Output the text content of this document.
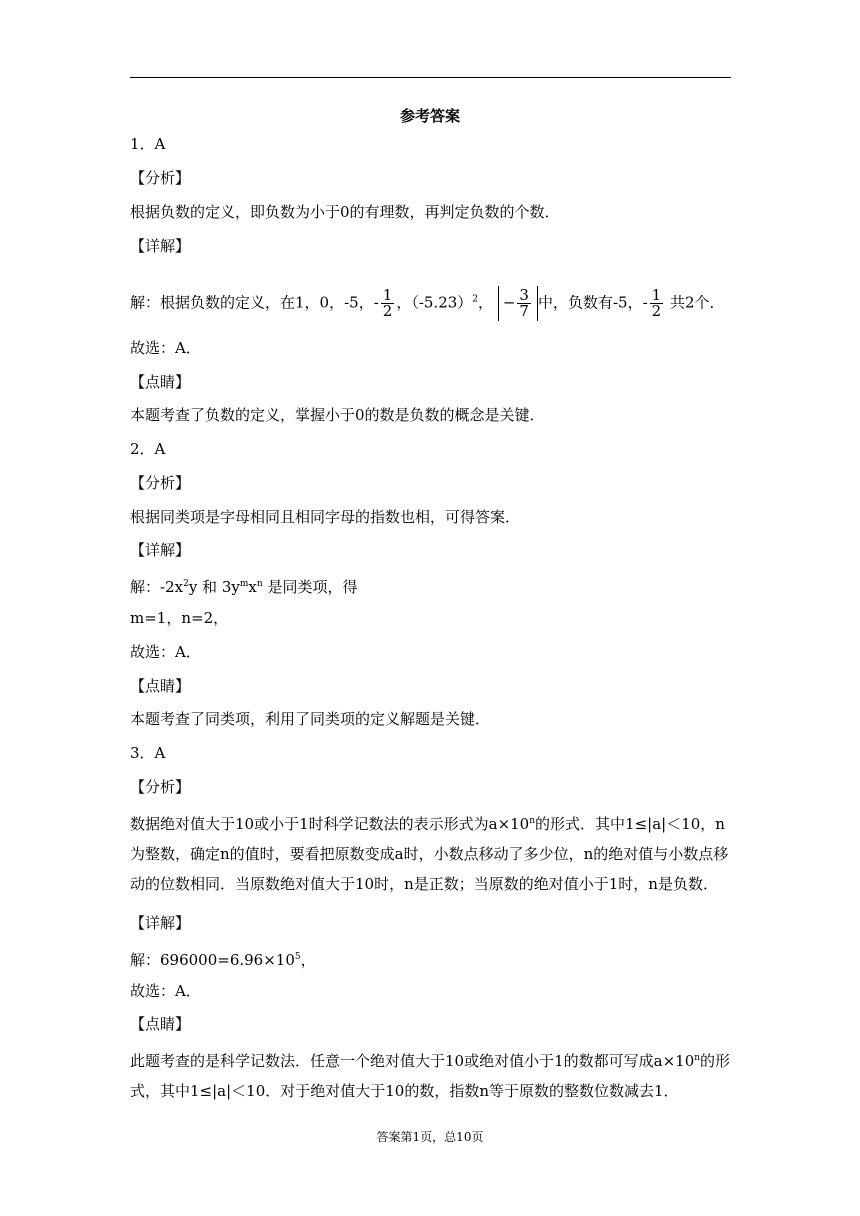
参考答案
1．A
【分析】
根据负数的定义，即负数为小于0的有理数，再判定负数的个数．
【详解】
解：根据负数的定义，在1，0，-5，- $\frac{1}{2}$ ，$(-5.23)^2$， − $\frac{3}{7}$ 中，负数有-5，- $\frac{1}{2}$ 共2个．
故选：A．
【点睛】
本题考查了负数的定义，掌握小于0的数是负数的概念是关键．
2．A
【分析】
根据同类项是字母相同且相同字母的指数也相，可得答案．
【详解】
解：$-2x^2y$ 和 $3y^mx^n$ 是同类项，得
m=1，n=2，
故选：A．
【点睛】
本题考查了同类项，利用了同类项的定义解题是关键．
3．A
【分析】
数据绝对值大于10或小于1时科学记数法的表示形式为$a\times 10^n$的形式．其中1≤|a|＜10，n为整数，确定n的值时，要看把原数变成a时，小数点移动了多少位，n的绝对值与小数点移动的位数相同．当原数绝对值大于10时，n是正数；当原数的绝对值小于1时，n是负数．
【详解】
解：$696000=6.96\times 10^5$，
故选：A．
【点睛】
此题考查的是科学记数法．任意一个绝对值大于10或绝对值小于1的数都可写成$a\times 10^n$的形式，其中1≤|a|＜10．对于绝对值大于10的数，指数n等于原数的整数位数减去1．
答案第1页，总10页
